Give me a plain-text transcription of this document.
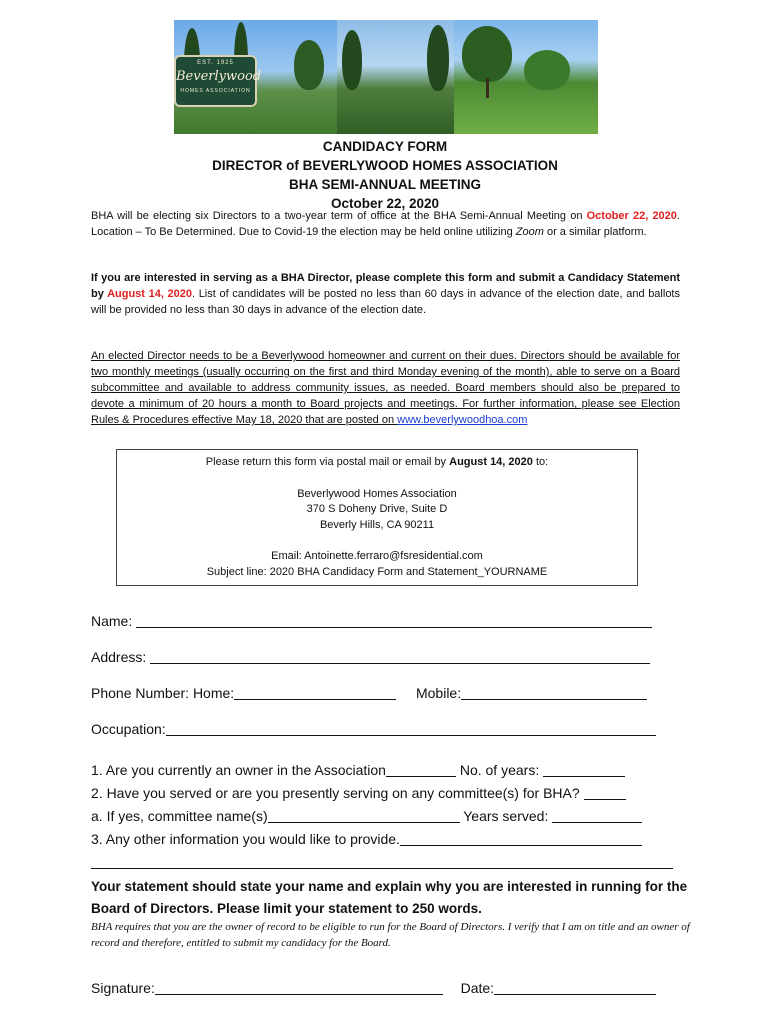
EST. 1925
Beverlywood
HOMES ASSOCIATION
CANDIDACY FORM
DIRECTOR of BEVERLYWOOD HOMES ASSOCIATION
BHA SEMI-ANNUAL MEETING
October 22, 2020
BHA will be electing six Directors to a two-year term of office at the BHA Semi-Annual Meeting on October 22, 2020. Location – To Be Determined. Due to Covid-19 the election may be held online utilizing Zoom or a similar platform.
If you are interested in serving as a BHA Director, please complete this form and submit a Candidacy Statement by August 14, 2020. List of candidates will be posted no less than 60 days in advance of the election date, and ballots will be provided no less than 30 days in advance of the election date.
An elected Director needs to be a Beverlywood homeowner and current on their dues. Directors should be available for two monthly meetings (usually occurring on the first and third Monday evening of the month), able to serve on a Board subcommittee and available to address community issues, as needed. Board members should also be prepared to devote a minimum of 20 hours a month to Board projects and meetings. For further information, please see Election Rules & Procedures effective May 18, 2020 that are posted on www.beverlywoodhoa.com

Please return this form via postal mail or email by August 14, 2020 to:

Beverlywood Homes Association

370 S Doheny Drive, Suite D

Beverly Hills, CA 90211

Email: Antoinette.ferraro@fsresidential.com

Subject line: 2020 BHA Candidacy Form and Statement_YOURNAME

Name:
Address:
Phone Number: Home:	Mobile:
Occupation:
1. Are you currently an owner in the Association	No. of years:
2. Have you served or are you presently serving on any committee(s) for BHA?
a. If yes, committee name(s)	Years served:
3. Any other information you would like to provide.
Your statement should state your name and explain why you are interested in running for the Board of Directors. Please limit your statement to 250 words.
BHA requires that you are the owner of record to be eligible to run for the Board of Directors. I verify that I am on title and an owner of record and therefore, entitled to submit my candidacy for the Board.
Signature:	Date:
